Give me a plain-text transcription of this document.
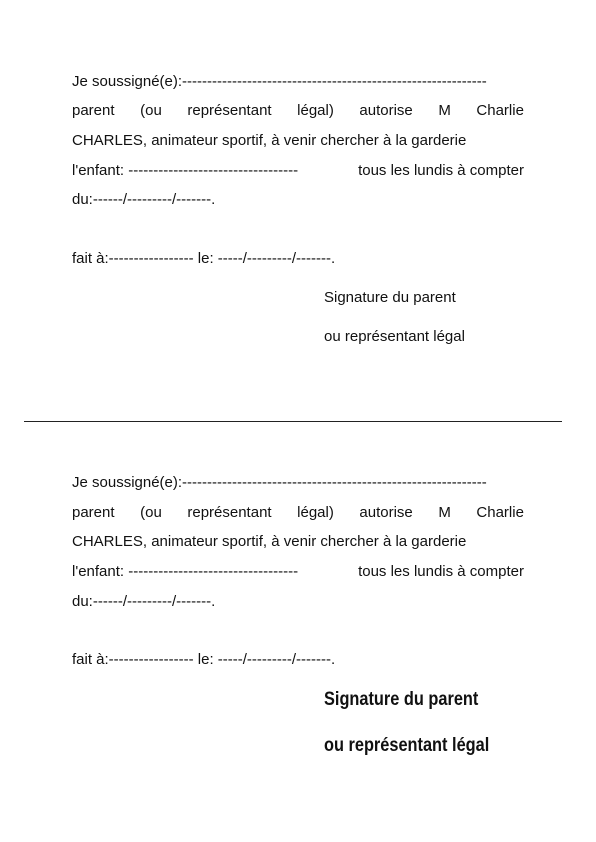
Je soussigné(e):-------------------------------------------------------------
parent (ou représentant légal) autorise M Charlie
CHARLES, animateur sportif, à venir chercher à la garderie
l'enfant: ----------------------------------	tous les lundis à compter
du:------/---------/-------.
fait à:----------------- le: -----/---------/-------.
Signature du parent
ou représentant légal
Je soussigné(e):-------------------------------------------------------------
parent (ou représentant légal) autorise M Charlie
CHARLES, animateur sportif, à venir chercher à la garderie
l'enfant: ----------------------------------	tous les lundis à compter
du:------/---------/-------.
fait à:----------------- le: -----/---------/-------.
Signature du parent
ou représentant légal
